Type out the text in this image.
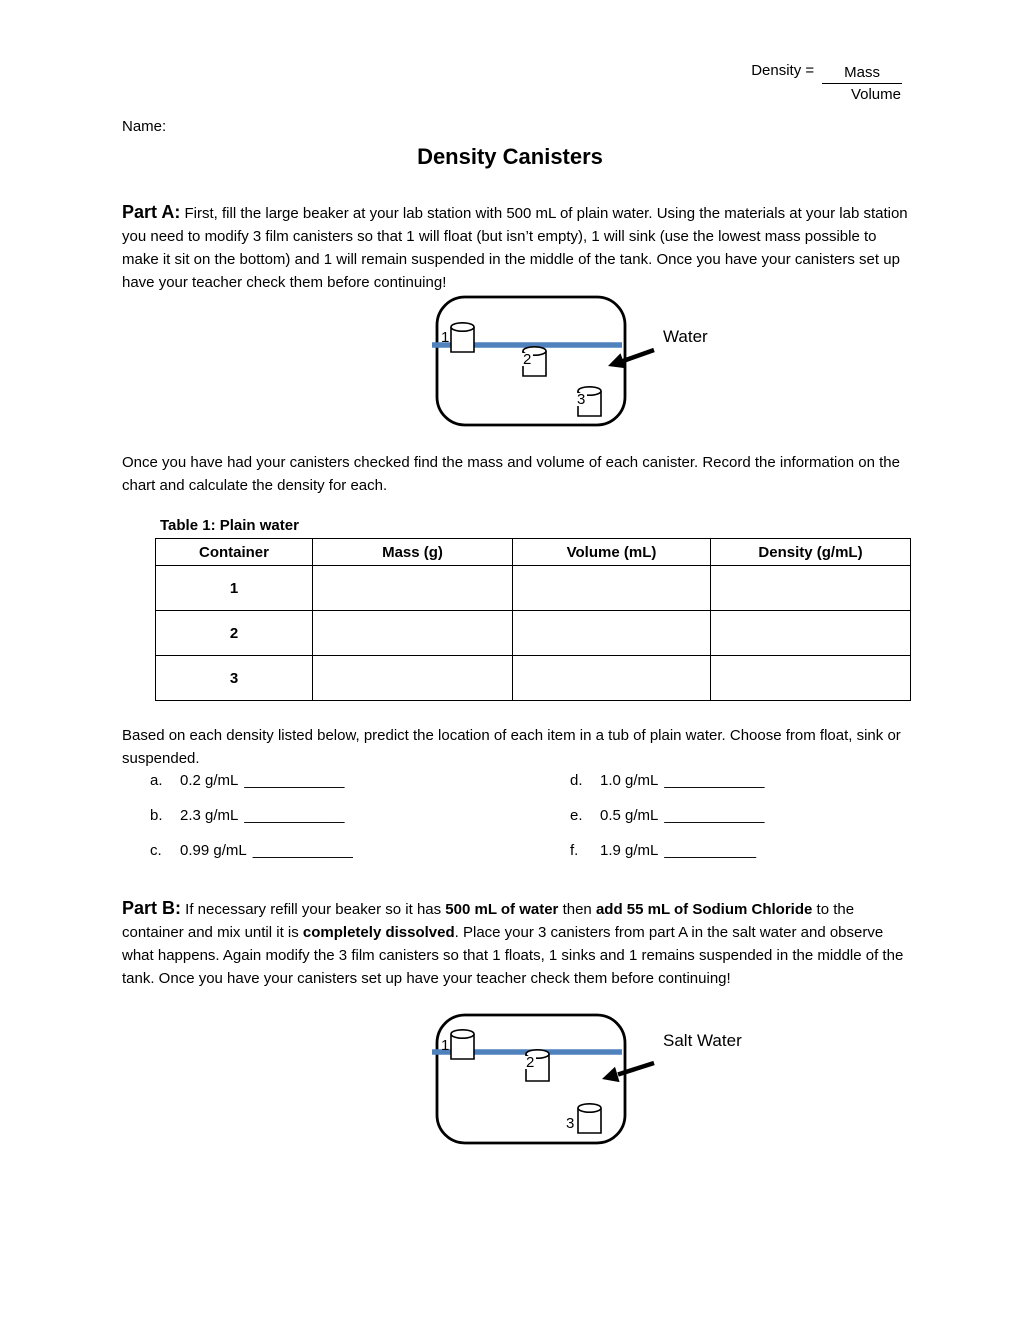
Density = $\frac{\text{Mass}}{\text{Volume}}$
Name:
Density Canisters
Part A: First, fill the large beaker at your lab station with 500 mL of plain water. Using the materials at your lab station you need to modify 3 film canisters so that 1 will float (but isn’t empty), 1 will sink (use the lowest mass possible to make it sit on the bottom) and 1 will remain suspended in the middle of the tank. Once you have your canisters set up have your teacher check them before continuing!
1
2
3
Water
Once you have had your canisters checked find the mass and volume of each canister. Record the information on the chart and calculate the density for each.
Table 1: Plain water
Container	Mass (g)	Volume (mL)	Density (g/mL)
1			
2			
3			
Based on each density listed below, predict the location of each item in a tub of plain water. Choose from float, sink or suspended.
a. 0.2 g/mL ____________
b. 2.3 g/mL ____________
c. 0.99 g/mL ____________
d. 1.0 g/mL ____________
e. 0.5 g/mL ____________
f. 1.9 g/mL ___________
Part B: If necessary refill your beaker so it has 500 mL of water then add 55 mL of Sodium Chloride to the container and mix until it is completely dissolved. Place your 3 canisters from part A in the salt water and observe what happens. Again modify the 3 film canisters so that 1 floats, 1 sinks and 1 remains suspended in the middle of the tank. Once you have your canisters set up have your teacher check them before continuing!
1
2
3
Salt Water
